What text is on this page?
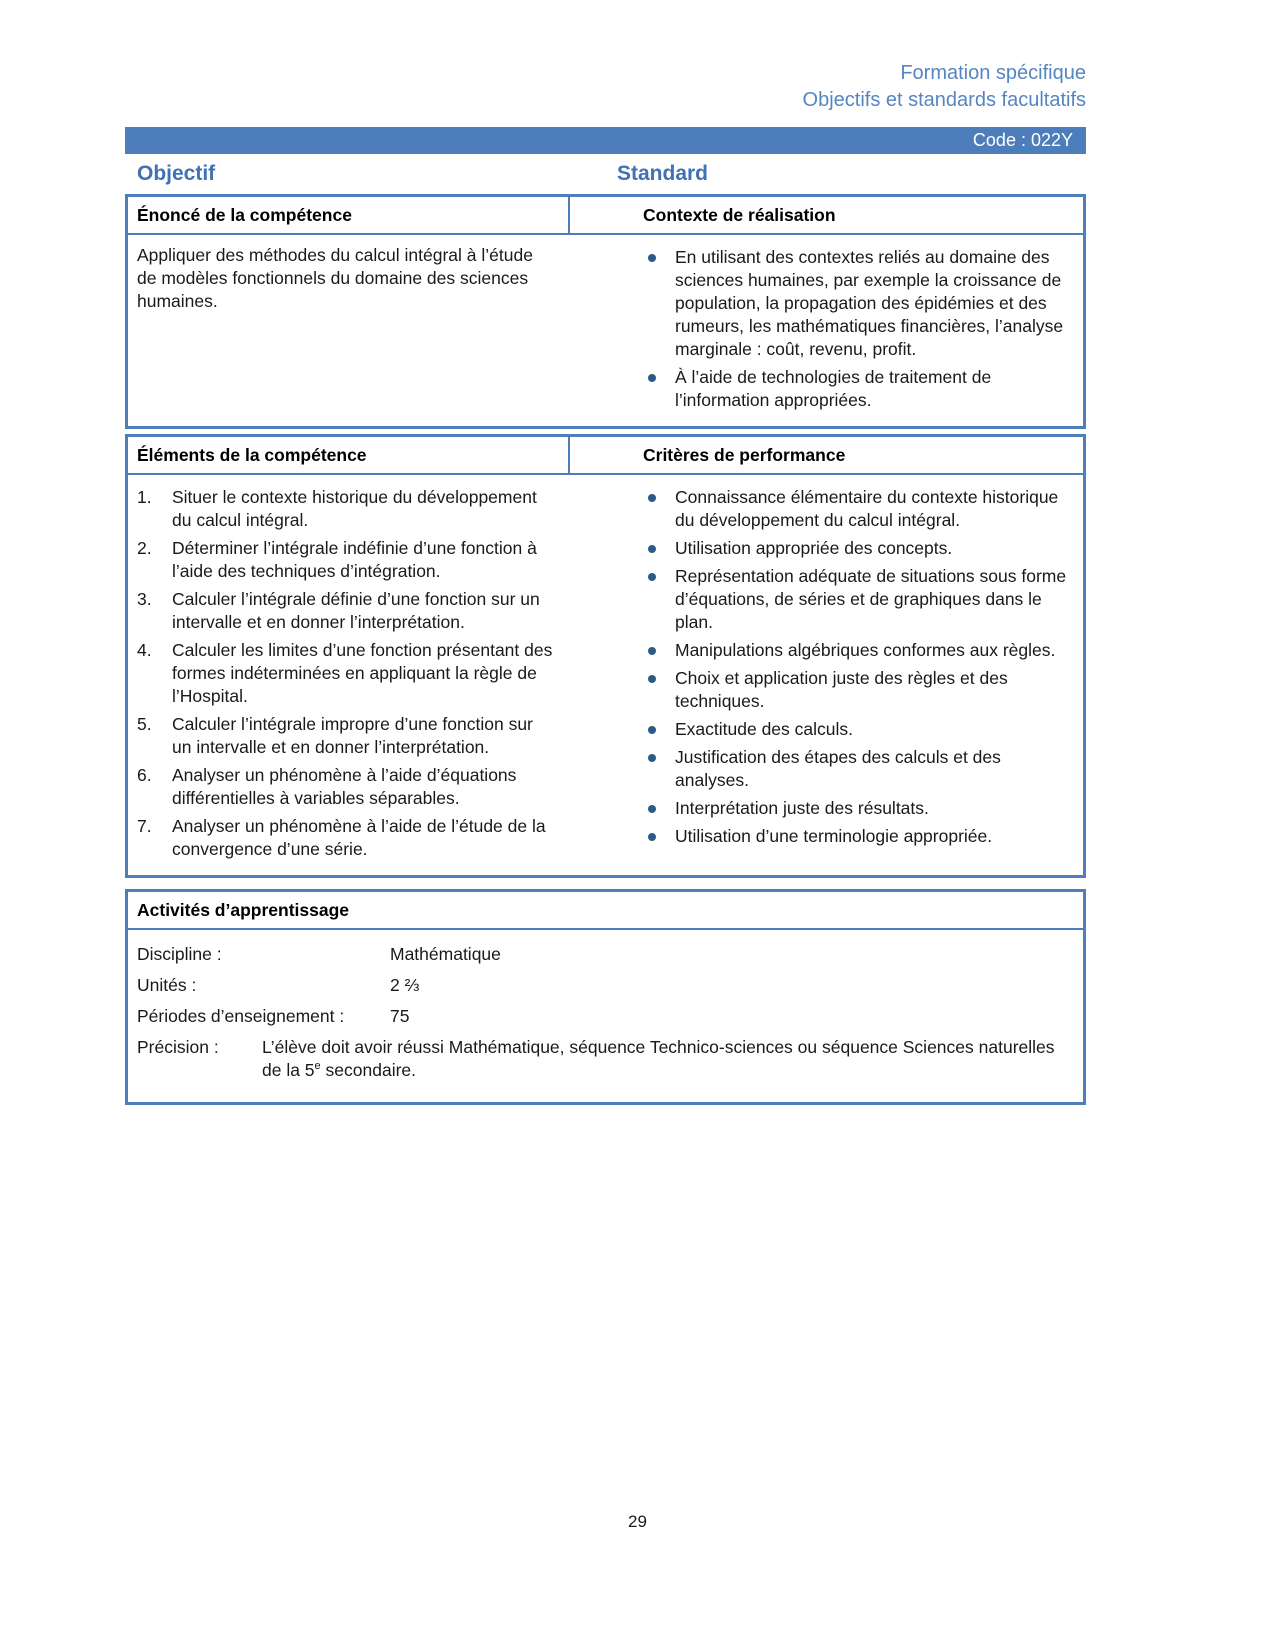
Formation spécifique
Objectifs et standards facultatifs
Code : 022Y
Objectif	Standard
Énoncé de la compétence	Contexte de réalisation
Appliquer des méthodes du calcul intégral à l’étude de modèles fonctionnels du domaine des sciences humaines.
En utilisant des contextes reliés au domaine des sciences humaines, par exemple la croissance de population, la propagation des épidémies et des rumeurs, les mathématiques financières, l’analyse marginale : coût, revenu, profit.
À l’aide de technologies de traitement de l’information appropriées.
Éléments de la compétence	Critères de performance
1.	Situer le contexte historique du développement du calcul intégral.
2.	Déterminer l’intégrale indéfinie d’une fonction à l’aide des techniques d’intégration.
3.	Calculer l’intégrale définie d’une fonction sur un intervalle et en donner l’interprétation.
4.	Calculer les limites d’une fonction présentant des formes indéterminées en appliquant la règle de l’Hospital.
5.	Calculer l’intégrale impropre d’une fonction sur un intervalle et en donner l’interprétation.
6.	Analyser un phénomène à l’aide d’équations différentielles à variables séparables.
7.	Analyser un phénomène à l’aide de l’étude de la convergence d’une série.
Connaissance élémentaire du contexte historique du développement du calcul intégral.
Utilisation appropriée des concepts.
Représentation adéquate de situations sous forme d’équations, de séries et de graphiques dans le plan.
Manipulations algébriques conformes aux règles.
Choix et application juste des règles et des techniques.
Exactitude des calculs.
Justification des étapes des calculs et des analyses.
Interprétation juste des résultats.
Utilisation d’une terminologie appropriée.
Activités d’apprentissage
Discipline :	Mathématique
Unités :	2 ⅔
Périodes d’enseignement :	75
Précision :	L’élève doit avoir réussi Mathématique, séquence Technico-sciences ou séquence Sciences naturelles de la 5e secondaire.
29
